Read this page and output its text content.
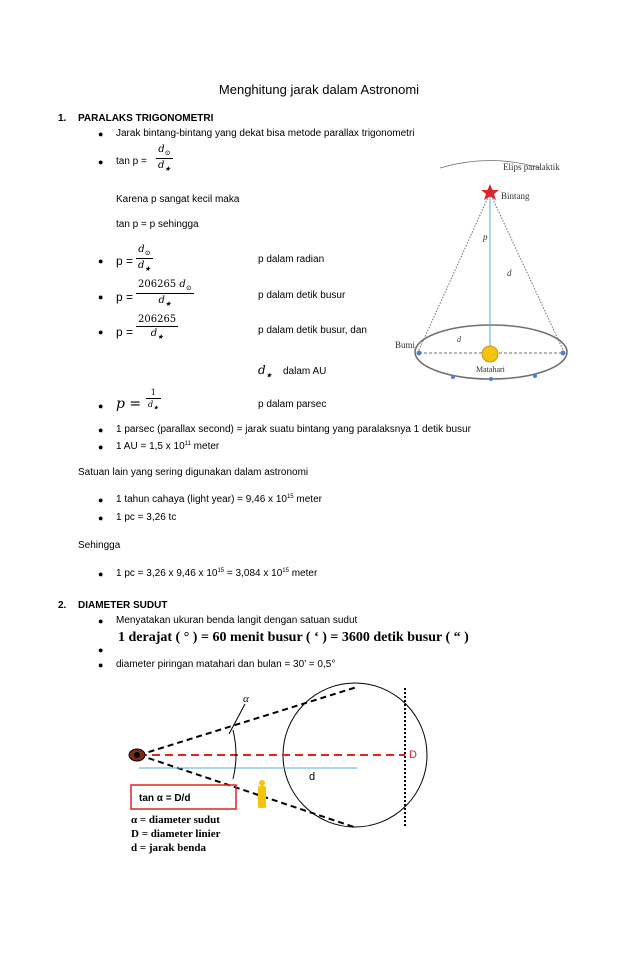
Menghitung jarak dalam Astronomi
1. PARALAKS TRIGONOMETRI
● Jarak bintang-bintang yang dekat bisa metode parallax trigonometri
● $\tan p = \frac{d_⊙}{d_★}$
Karena p sangat kecil maka
tan p = p sehingga
● $p = \frac{d_⊙}{d_★}$	p dalam radian
● $p = \frac{206265 d_⊙}{d_★}$	p dalam detik busur
● $p = \frac{206265}{d_★}$	p dalam detik busur, dan
$d_★$ dalam AU
● $p = \frac{1}{d_★}$	p dalam parsec
● 1 parsec (parallax second) = jarak suatu bintang yang paralaksnya 1 detik busur
● 1 AU = 1,5 x $10^{11}$ meter
Satuan lain yang sering digunakan dalam astronomi
● 1 tahun cahaya (light year) = 9,46 x $10^{15}$ meter
● 1 pc = 3,26 tc
Sehingga
● 1 pc = 3,26 x 9,46 x $10^{15} = 3,084$ x $10^{15}$ meter
2. DIAMETER SUDUT
● Menyatakan ukuran benda langit dengan satuan sudut
1 derajat ( ° ) = 60 menit busur ( ‘ ) = 3600 detik busur ( “ )
●
● diameter piringan matahari dan bulan = 30’ = 0,5°
Elips paralaktik
Bintang
p
d
d
Bumi
Matahari
α
D
d
tan α = D/d
α = diameter sudut
D = diameter linier
d = jarak benda
